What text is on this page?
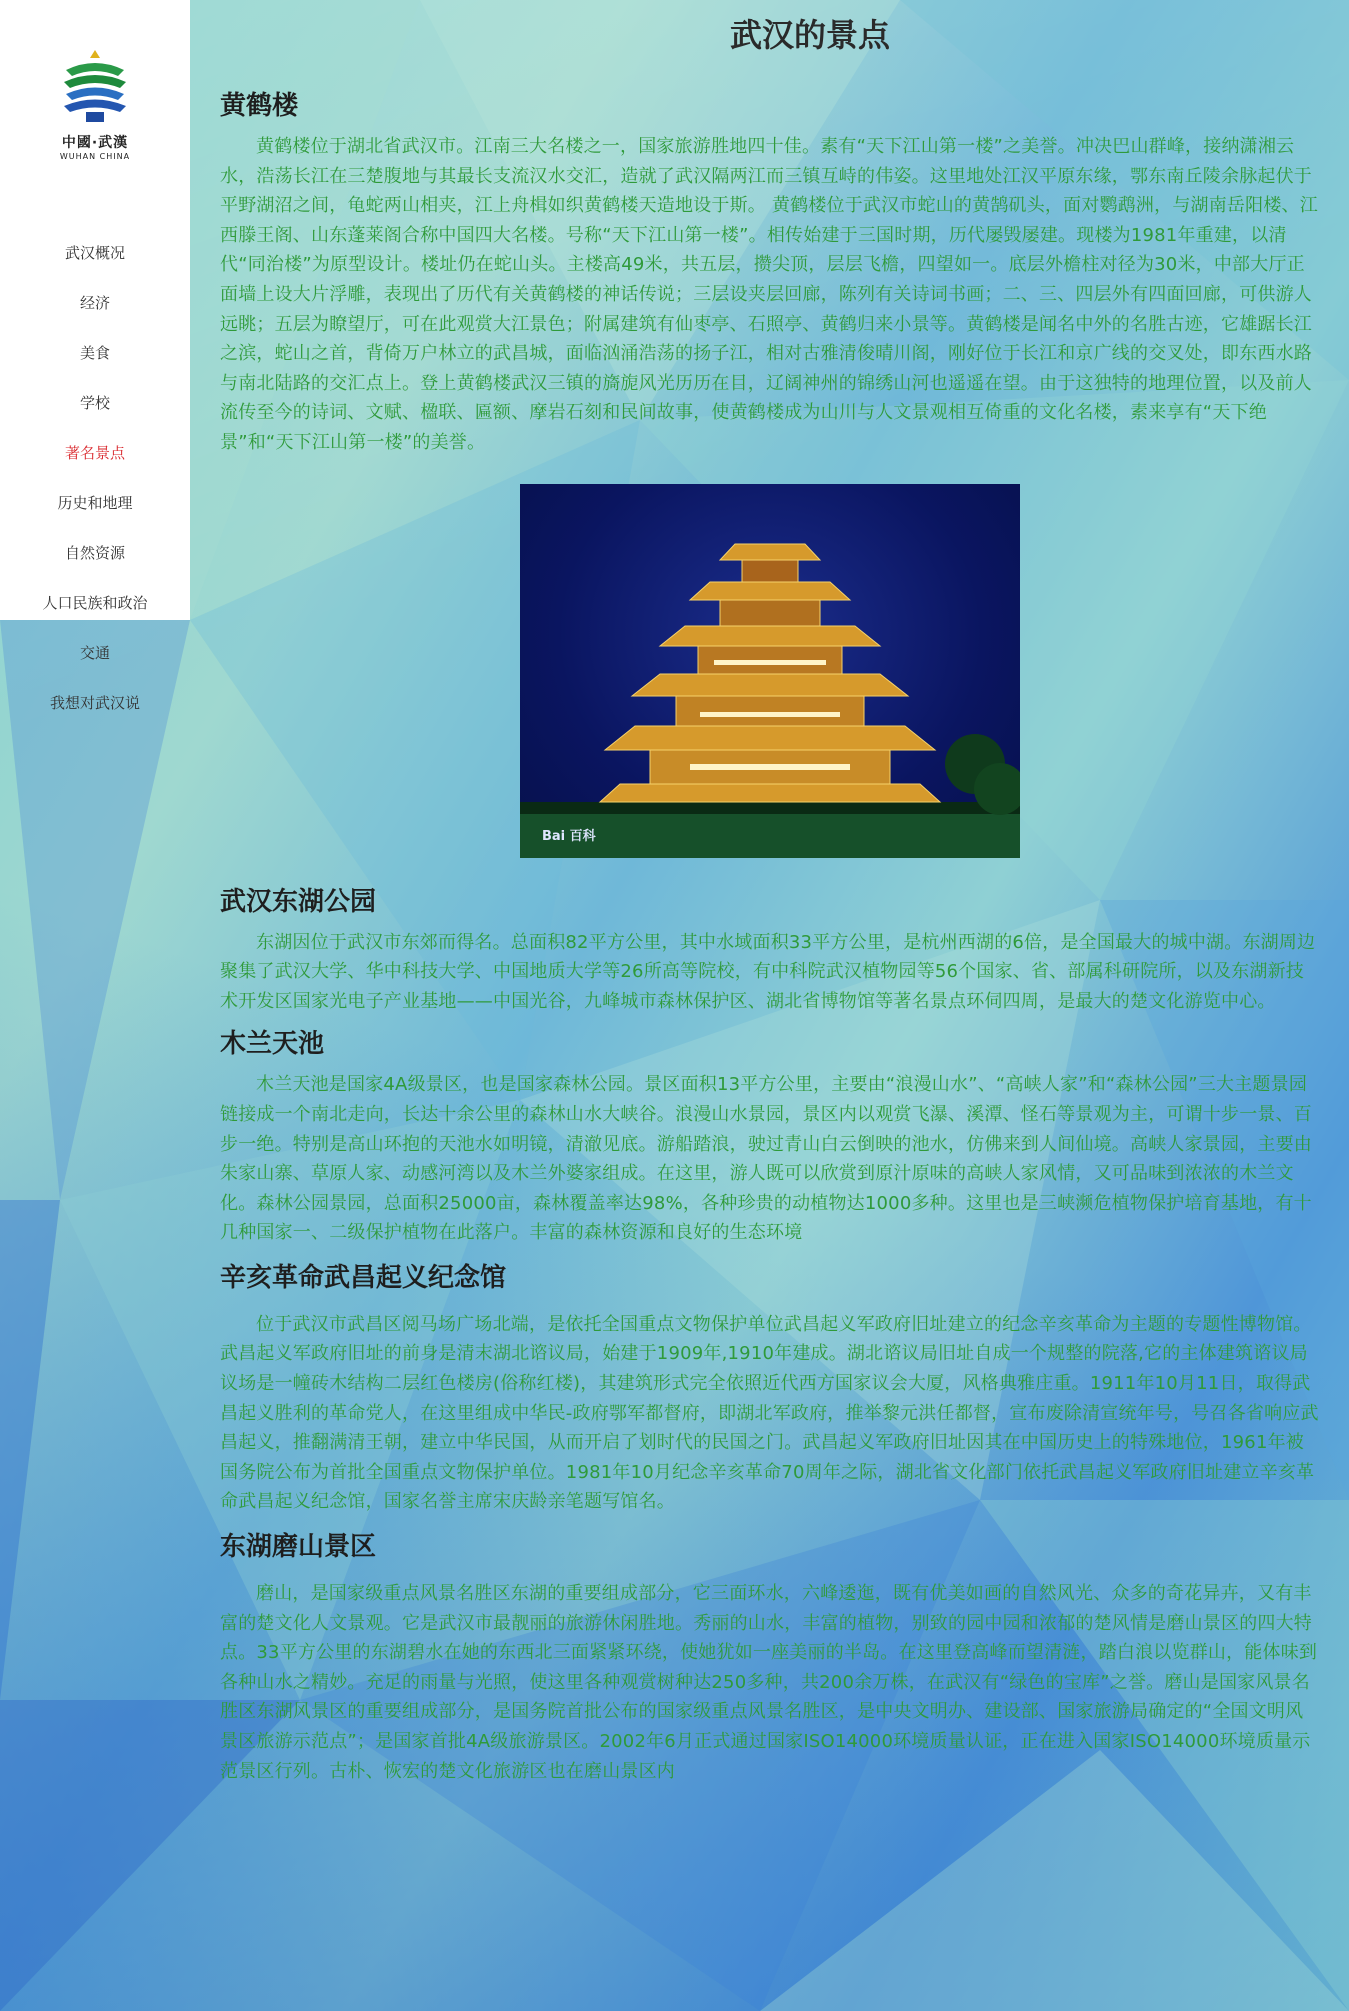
中國·武漢
WUHAN CHINA
武汉概况
经济
美食
学校
著名景点
历史和地理
自然资源
人口民族和政治
交通
我想对武汉说
武汉的景点
黄鹤楼

黄鹤楼位于湖北省武汉市。江南三大名楼之一，国家旅游胜地四十佳。素有“天下江山第一楼”之美誉。冲决巴山群峰，接纳潇湘云水，浩荡长江在三楚腹地与其最长支流汉水交汇，造就了武汉隔两江而三镇互峙的伟姿。这里地处江汉平原东缘，鄂东南丘陵余脉起伏于平野湖沼之间，龟蛇两山相夹，江上舟楫如织黄鹤楼天造地设于斯。 黄鹤楼位于武汉市蛇山的黄鹄矶头，面对鹦鹉洲，与湖南岳阳楼、江西滕王阁、山东蓬莱阁合称中国四大名楼。号称“天下江山第一楼”。相传始建于三国时期，历代屡毁屡建。现楼为1981年重建，以清代“同治楼”为原型设计。楼址仍在蛇山头。主楼高49米，共五层，攒尖顶，层层飞檐，四望如一。底层外檐柱对径为30米，中部大厅正面墙上设大片浮雕，表现出了历代有关黄鹤楼的神话传说；三层设夹层回廊，陈列有关诗词书画；二、三、四层外有四面回廊，可供游人远眺；五层为瞭望厅，可在此观赏大江景色；附属建筑有仙枣亭、石照亭、黄鹤归来小景等。黄鹤楼是闻名中外的名胜古迹，它雄踞长江之滨，蛇山之首，背倚万户林立的武昌城，面临汹涌浩荡的扬子江，相对古雅清俊晴川阁，刚好位于长江和京广线的交叉处，即东西水路与南北陆路的交汇点上。登上黄鹤楼武汉三镇的旖旎风光历历在目，辽阔神州的锦绣山河也遥遥在望。由于这独特的地理位置，以及前人流传至今的诗词、文赋、楹联、匾额、摩岩石刻和民间故事，使黄鹤楼成为山川与人文景观相互倚重的文化名楼，素来享有“天下绝景”和“天下江山第一楼”的美誉。

Bai 百科
武汉东湖公园

东湖因位于武汉市东郊而得名。总面积82平方公里，其中水域面积33平方公里，是杭州西湖的6倍，是全国最大的城中湖。东湖周边聚集了武汉大学、华中科技大学、中国地质大学等26所高等院校，有中科院武汉植物园等56个国家、省、部属科研院所，以及东湖新技术开发区国家光电子产业基地——中国光谷，九峰城市森林保护区、湖北省博物馆等著名景点环伺四周，是最大的楚文化游览中心。

木兰天池

木兰天池是国家4A级景区，也是国家森林公园。景区面积13平方公里，主要由“浪漫山水”、“高峡人家”和“森林公园”三大主题景园链接成一个南北走向，长达十余公里的森林山水大峡谷。浪漫山水景园，景区内以观赏飞瀑、溪潭、怪石等景观为主，可谓十步一景、百步一绝。特别是高山环抱的天池水如明镜，清澈见底。游船踏浪，驶过青山白云倒映的池水，仿佛来到人间仙境。高峡人家景园，主要由朱家山寨、草原人家、动感河湾以及木兰外婆家组成。在这里，游人既可以欣赏到原汁原味的高峡人家风情，又可品味到浓浓的木兰文化。森林公园景园，总面积25000亩，森林覆盖率达98%，各种珍贵的动植物达1000多种。这里也是三峡濒危植物保护培育基地，有十几种国家一、二级保护植物在此落户。丰富的森林资源和良好的生态环境

辛亥革命武昌起义纪念馆

位于武汉市武昌区阅马场广场北端，是依托全国重点文物保护单位武昌起义军政府旧址建立的纪念辛亥革命为主题的专题性博物馆。武昌起义军政府旧址的前身是清末湖北谘议局，始建于1909年,1910年建成。湖北谘议局旧址自成一个规整的院落,它的主体建筑谘议局议场是一幢砖木结构二层红色楼房(俗称红楼)，其建筑形式完全依照近代西方国家议会大厦，风格典雅庄重。1911年10月11日，取得武昌起义胜利的革命党人，在这里组成中华民-政府鄂军都督府，即湖北军政府，推举黎元洪任都督，宣布废除清宣统年号，号召各省响应武昌起义，推翻满清王朝，建立中华民国，从而开启了划时代的民国之门。武昌起义军政府旧址因其在中国历史上的特殊地位，1961年被国务院公布为首批全国重点文物保护单位。1981年10月纪念辛亥革命70周年之际，湖北省文化部门依托武昌起义军政府旧址建立辛亥革命武昌起义纪念馆，国家名誉主席宋庆龄亲笔题写馆名。

东湖磨山景区

磨山，是国家级重点风景名胜区东湖的重要组成部分，它三面环水，六峰逶迤，既有优美如画的自然风光、众多的奇花异卉，又有丰富的楚文化人文景观。它是武汉市最靓丽的旅游休闲胜地。秀丽的山水，丰富的植物，别致的园中园和浓郁的楚风情是磨山景区的四大特点。33平方公里的东湖碧水在她的东西北三面紧紧环绕，使她犹如一座美丽的半岛。在这里登高峰而望清涟，踏白浪以览群山，能体味到各种山水之精妙。充足的雨量与光照，使这里各种观赏树种达250多种，共200余万株，在武汉有“绿色的宝库”之誉。磨山是国家风景名胜区东湖风景区的重要组成部分，是国务院首批公布的国家级重点风景名胜区，是中央文明办、建设部、国家旅游局确定的“全国文明风景区旅游示范点”；是国家首批4A级旅游景区。2002年6月正式通过国家ISO14000环境质量认证，正在进入国家ISO14000环境质量示范景区行列。古朴、恢宏的楚文化旅游区也在磨山景区内
